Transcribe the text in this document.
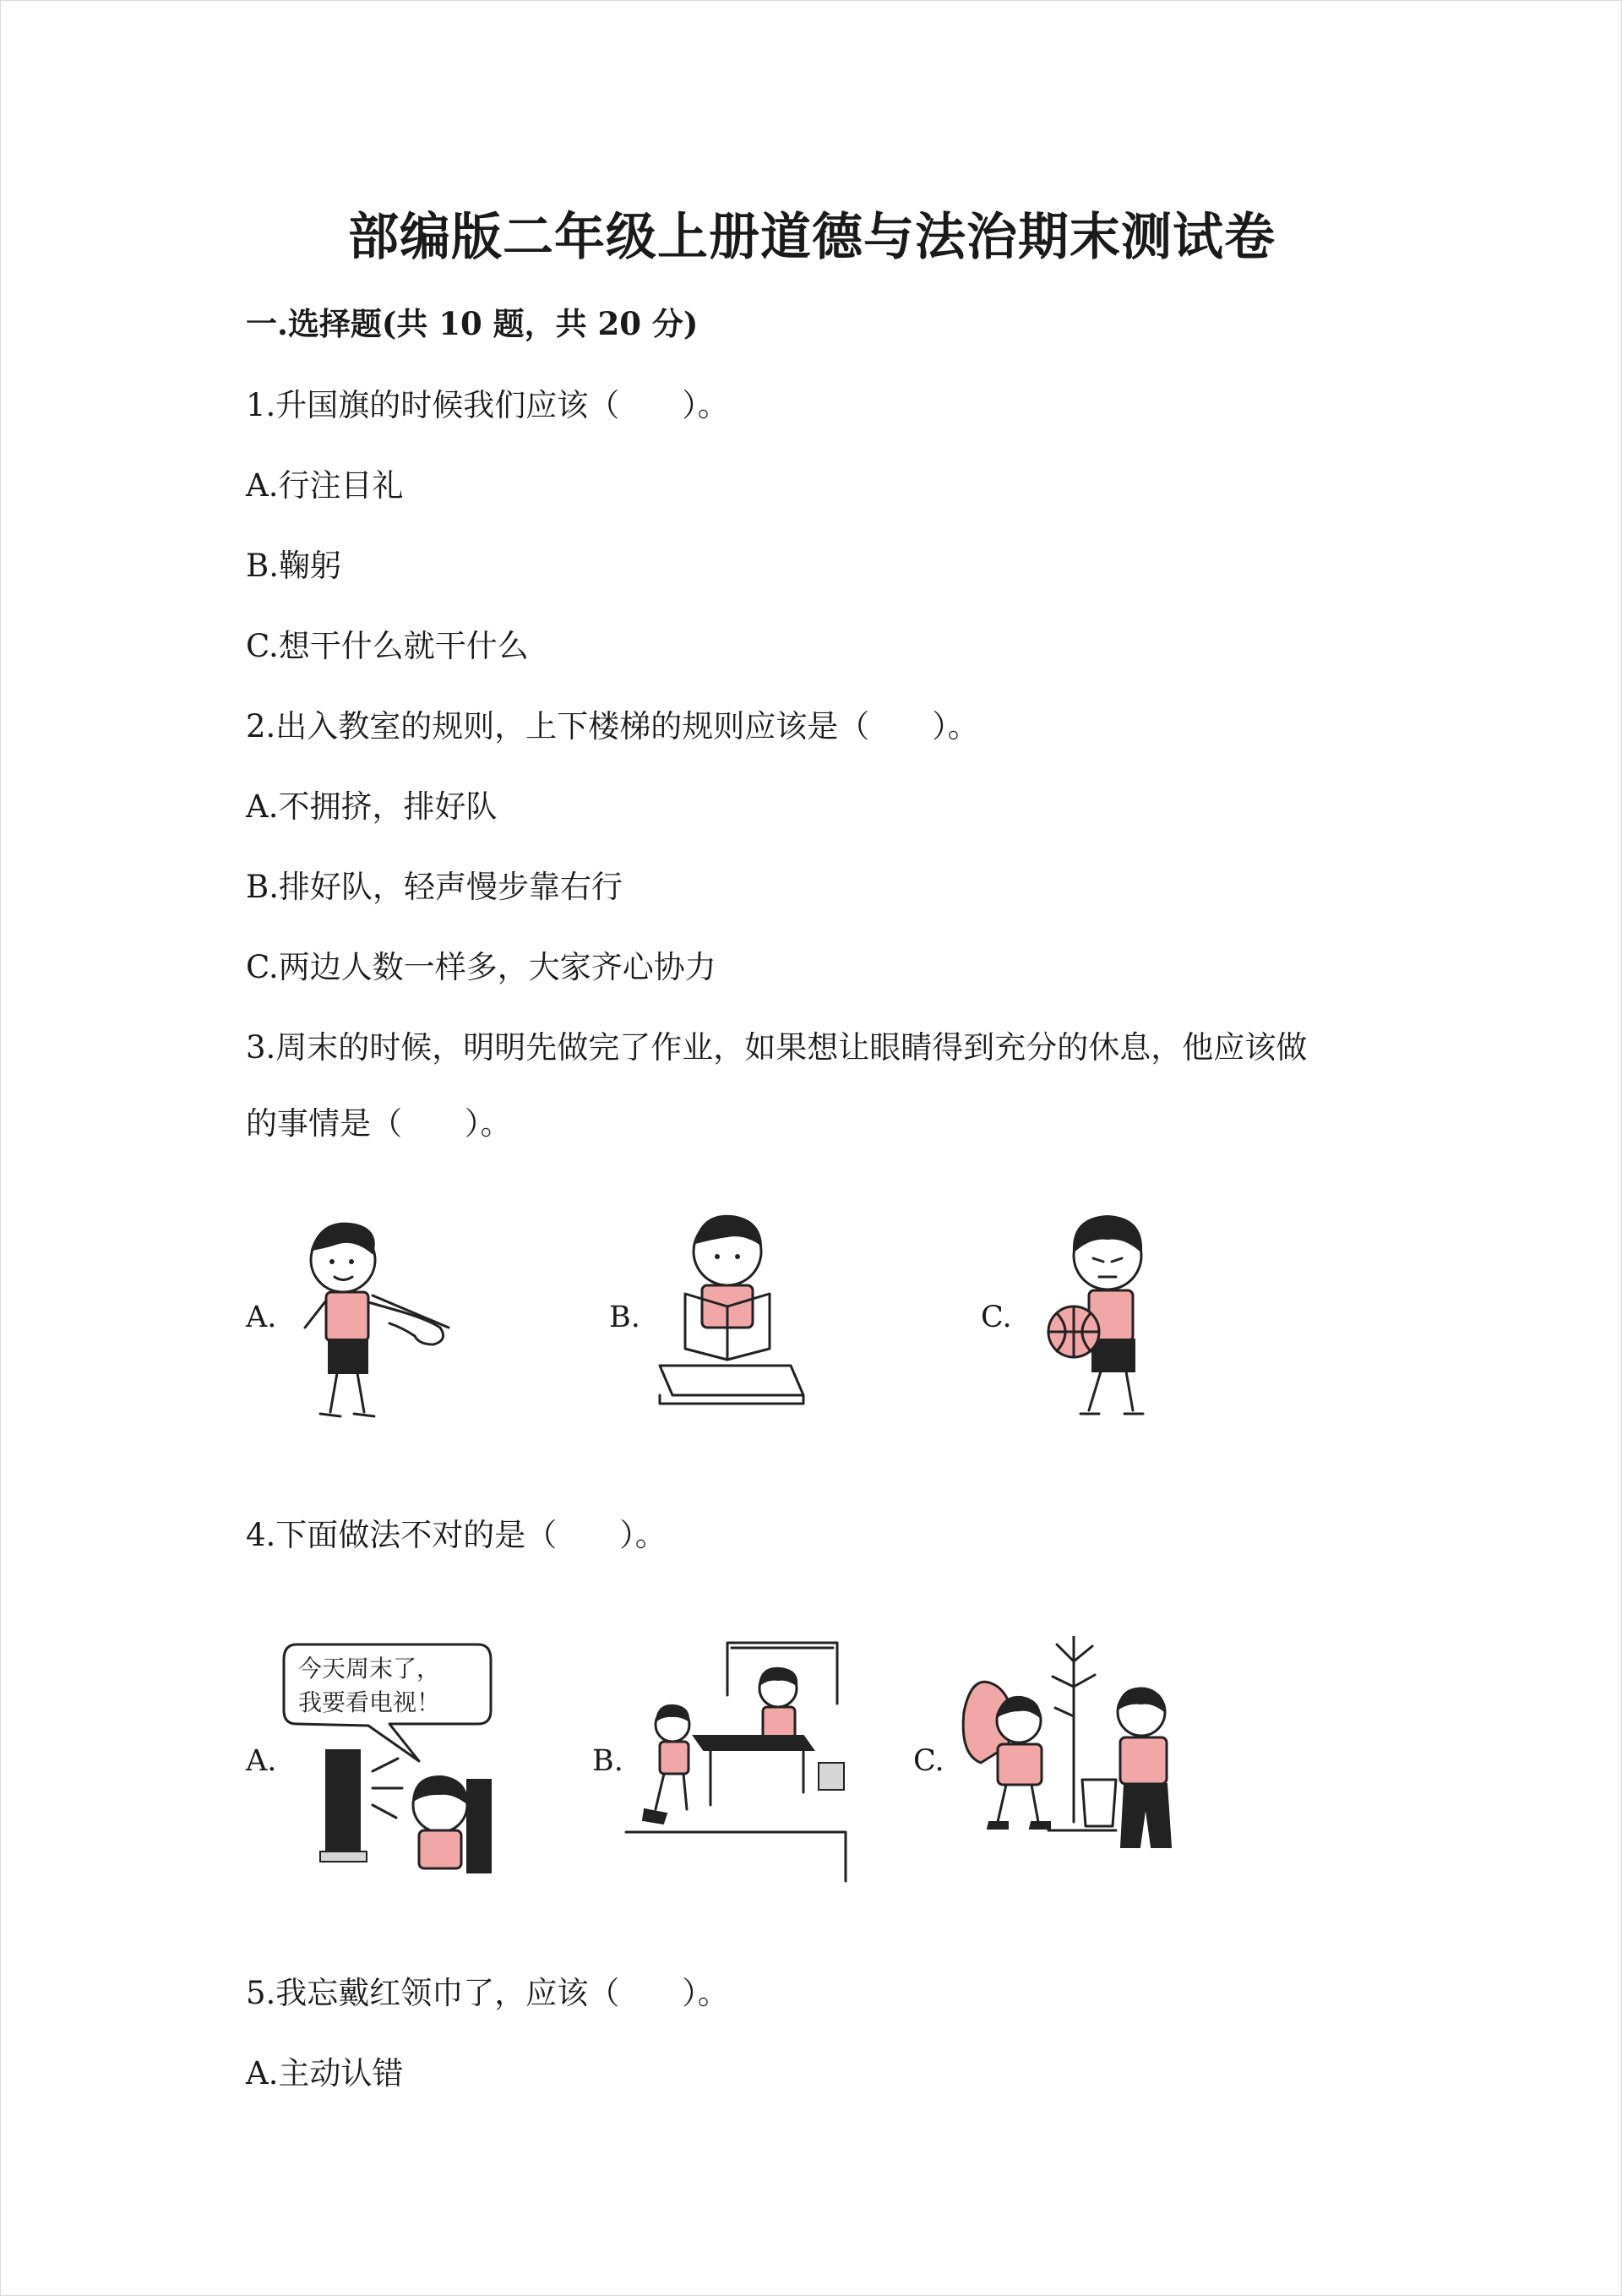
部编版二年级上册道德与法治期末测试卷
一.选择题(共 10 题，共 20 分)
1.升国旗的时候我们应该（　　）。
A.行注目礼
B.鞠躬
C.想干什么就干什么
2.出入教室的规则，上下楼梯的规则应该是（　　）。
A.不拥挤，排好队
B.排好队，轻声慢步靠右行
C.两边人数一样多，大家齐心协力
3.周末的时候，明明先做完了作业，如果想让眼睛得到充分的休息，他应该做
的事情是（　　）。
A.	B.	C.
4.下面做法不对的是（　　）。
A.
今天周末了，
我要看电视！
B.	C.
5.我忘戴红领巾了，应该（　　）。
A.主动认错
